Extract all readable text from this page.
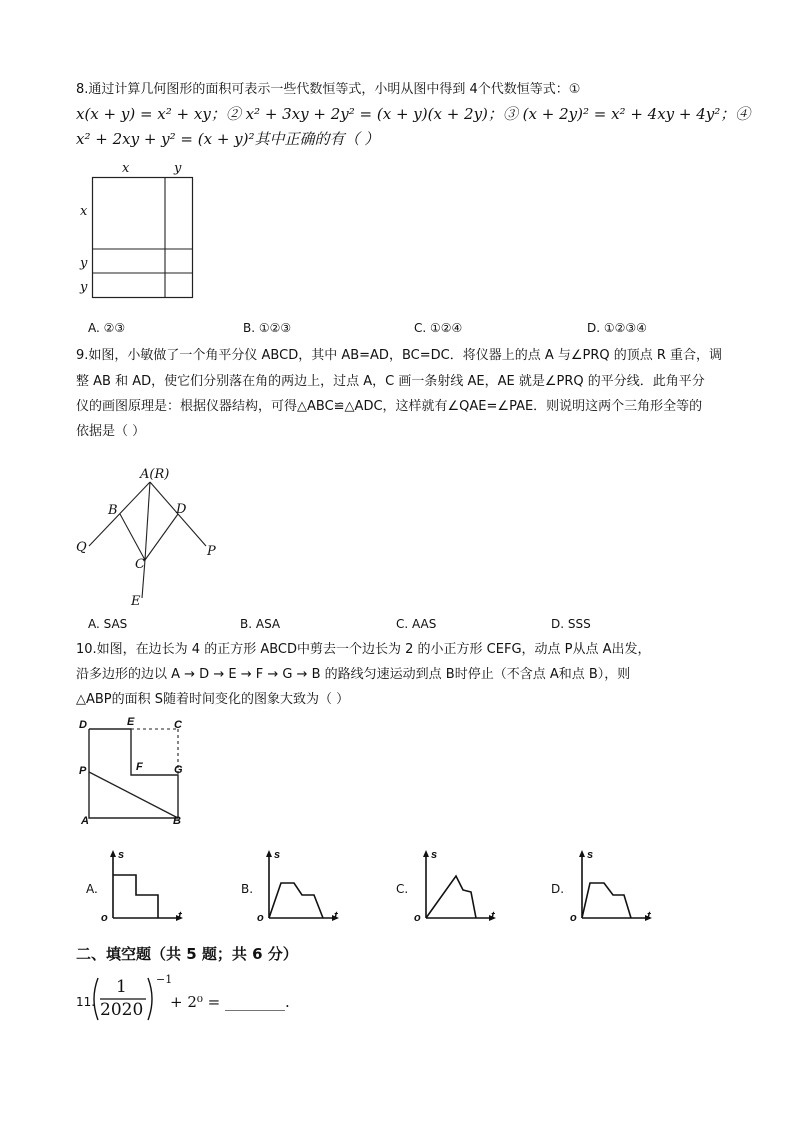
8.通过计算几何图形的面积可表示一些代数恒等式，小明从图中得到 4个代数恒等式：①
x(x + y) = x² + xy；② x² + 3xy + 2y² = (x + y)(x + 2y)；③ (x + 2y)² = x² + 4xy + 4y²；④
x² + 2xy + y² = (x + y)²其中正确的有（ ）
x	y
x
y
y
A. ②③	B. ①②③	C. ①②④	D. ①②③④
9.如图，小敏做了一个角平分仪 ABCD，其中 AB=AD，BC=DC．将仪器上的点 A 与∠PRQ 的顶点 R 重合，调
整 AB 和 AD，使它们分别落在角的两边上，过点 A，C 画一条射线 AE，AE 就是∠PRQ 的平分线．此角平分
仪的画图原理是：根据仪器结构，可得△ABC≌△ADC，这样就有∠QAE=∠PAE．则说明这两个三角形全等的
依据是（ ）
A(R)
B	D
C
Q	P
E
A. SAS	B. ASA	C. AAS	D. SSS
10.如图，在边长为 4 的正方形 ABCD中剪去一个边长为 2 的小正方形 CEFG，动点 P从点 A出发，
沿多边形的边以 A → D → E → F → G → B 的路线匀速运动到点 B时停止（不含点 A和点 B），则
△ABP的面积 S随着时间变化的图象大致为（ ）
D	E	C
P	F	G
A	B
A.
s
t
o
B.
s
t
o
C.
s
t
o
D.
s
t
o
二、填空题（共 5 题；共 6 分）
11.
1
2020
−1
+ 2⁰ = ________.
